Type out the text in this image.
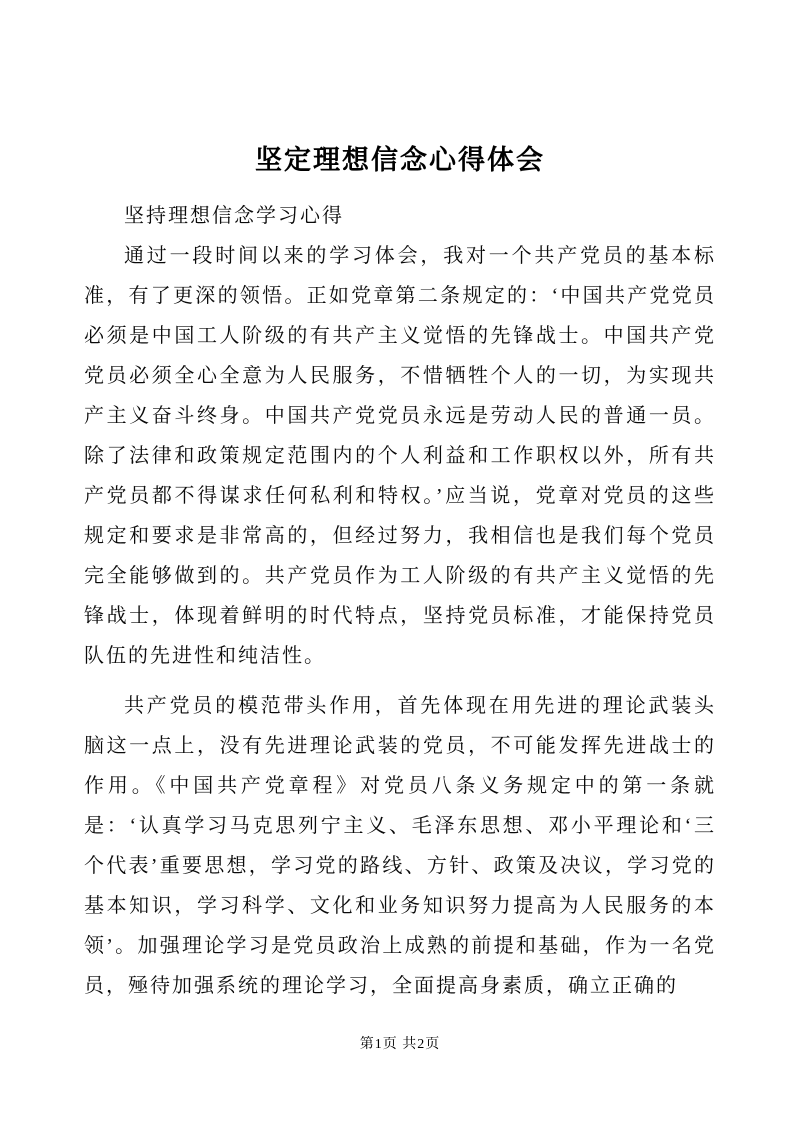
坚定理想信念心得体会

坚持理想信念学习心得

通过一段时间以来的学习体会，我对一个共产党员的基本标准，有了更深的领悟。正如党章第二条规定的：‘中国共产党党员必须是中国工人阶级的有共产主义觉悟的先锋战士。中国共产党党员必须全心全意为人民服务，不惜牺牲个人的一切，为实现共产主义奋斗终身。中国共产党党员永远是劳动人民的普通一员。除了法律和政策规定范围内的个人利益和工作职权以外，所有共产党员都不得谋求任何私利和特权。’应当说，党章对党员的这些规定和要求是非常高的，但经过努力，我相信也是我们每个党员完全能够做到的。共产党员作为工人阶级的有共产主义觉悟的先锋战士，体现着鲜明的时代特点，坚持党员标准，才能保持党员队伍的先进性和纯洁性。

共产党员的模范带头作用，首先体现在用先进的理论武装头脑这一点上，没有先进理论武装的党员，不可能发挥先进战士的作用。《中国共产党章程》对党员八条义务规定中的第一条就是：‘认真学习马克思列宁主义、毛泽东思想、邓小平理论和‘三个代表’重要思想，学习党的路线、方针、政策及决议，学习党的基本知识，学习科学、文化和业务知识努力提高为人民服务的本领’。加强理论学习是党员政治上成熟的前提和基础，作为一名党员，殛待加强系统的理论学习，全面提高身素质，确立正确的

第1页 共2页
